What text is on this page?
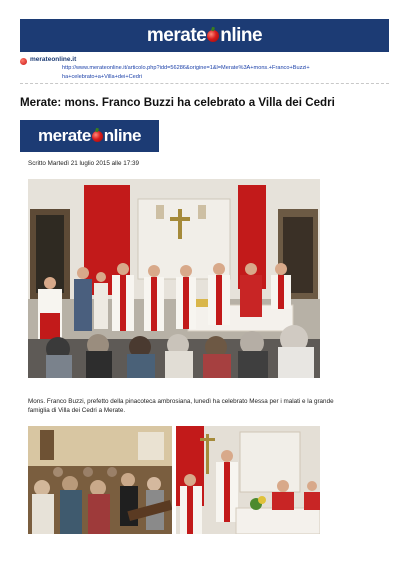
merate nline
merateonline.it
http://www.merateonline.it/articolo.php?idd=56286&origine=1&l=Merate%3A+mons.+Franco+Buzzi+ha+celebrato+a+Villa+dei+Cedri
Merate: mons. Franco Buzzi ha celebrato a Villa dei Cedri
merate nline
Scritto Martedì 21 luglio 2015 alle 17:39
Mons. Franco Buzzi, prefetto della pinacoteca ambrosiana, lunedì ha celebrato Messa per i malati e la grande famiglia di Villa dei Cedri a Merate.
